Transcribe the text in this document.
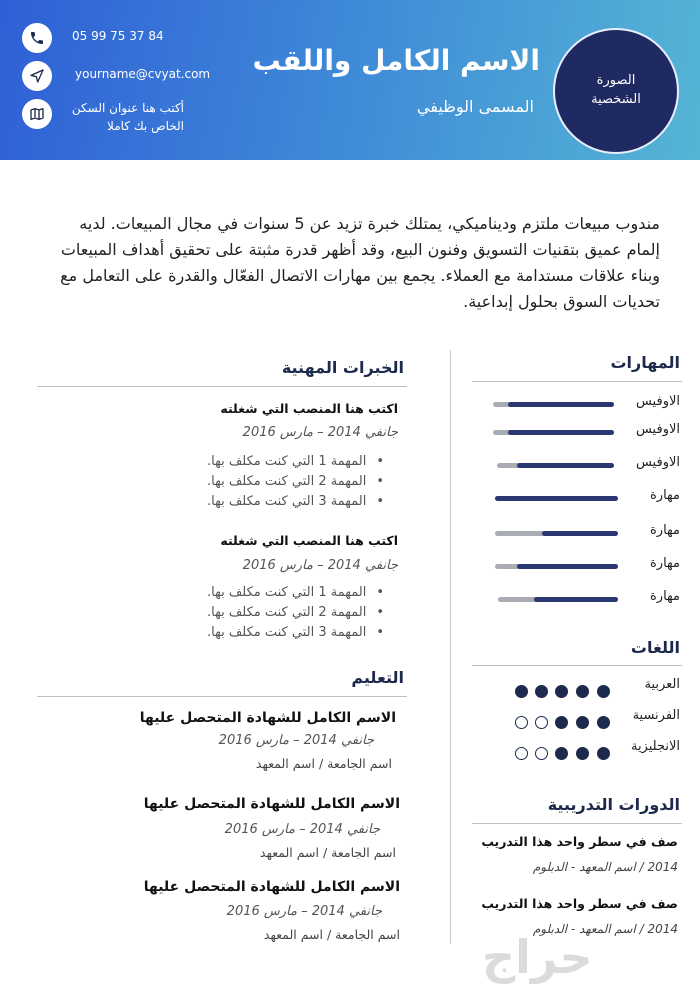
الصورة الشخصية
الاسم الكامل واللقب
المسمى الوظيفي
05 99 75 37 84
yourname@cvyat.com
أكتب هنا عنوان السكن
الخاص بك كاملا
مندوب مبيعات ملتزم وديناميكي، يمتلك خبرة تزيد عن 5 سنوات في مجال المبيعات. لديه إلمام عميق بتقنيات التسويق وفنون البيع، وقد أظهر قدرة مثبتة على تحقيق أهداف المبيعات وبناء علاقات مستدامة مع العملاء. يجمع بين مهارات الاتصال الفعّال والقدرة على التعامل مع تحديات السوق بحلول إبداعية.
الخبرات المهنية
اكتب هنا المنصب التي شغلته
جانفي 2014 – مارس 2016
• المهمة 1 التي كنت مكلف بها.
• المهمة 2 التي كنت مكلف بها.
• المهمة 3 التي كنت مكلف بها.
اكتب هنا المنصب التي شغلته
جانفي 2014 – مارس 2016
• المهمة 1 التي كنت مكلف بها.
• المهمة 2 التي كنت مكلف بها.
• المهمة 3 التي كنت مكلف بها.
التعليم
الاسم الكامل للشهادة المتحصل عليها
جانفي 2014 – مارس 2016
اسم الجامعة / اسم المعهد
الاسم الكامل للشهادة المتحصل عليها
جانفي 2014 – مارس 2016
اسم الجامعة / اسم المعهد
الاسم الكامل للشهادة المتحصل عليها
جانفي 2014 – مارس 2016
اسم الجامعة / اسم المعهد
المهارات
الاوفيس
الاوفيس
الاوفيس
مهارة
مهارة
مهارة
مهارة
اللغات
العربية
الفرنسية
الانجليزية
الدورات التدريبية
صف في سطر واحد هذا التدريب
2014 / اسم المعهد - الدبلوم
صف في سطر واحد هذا التدريب
2014 / اسم المعهد - الدبلوم
حراج
